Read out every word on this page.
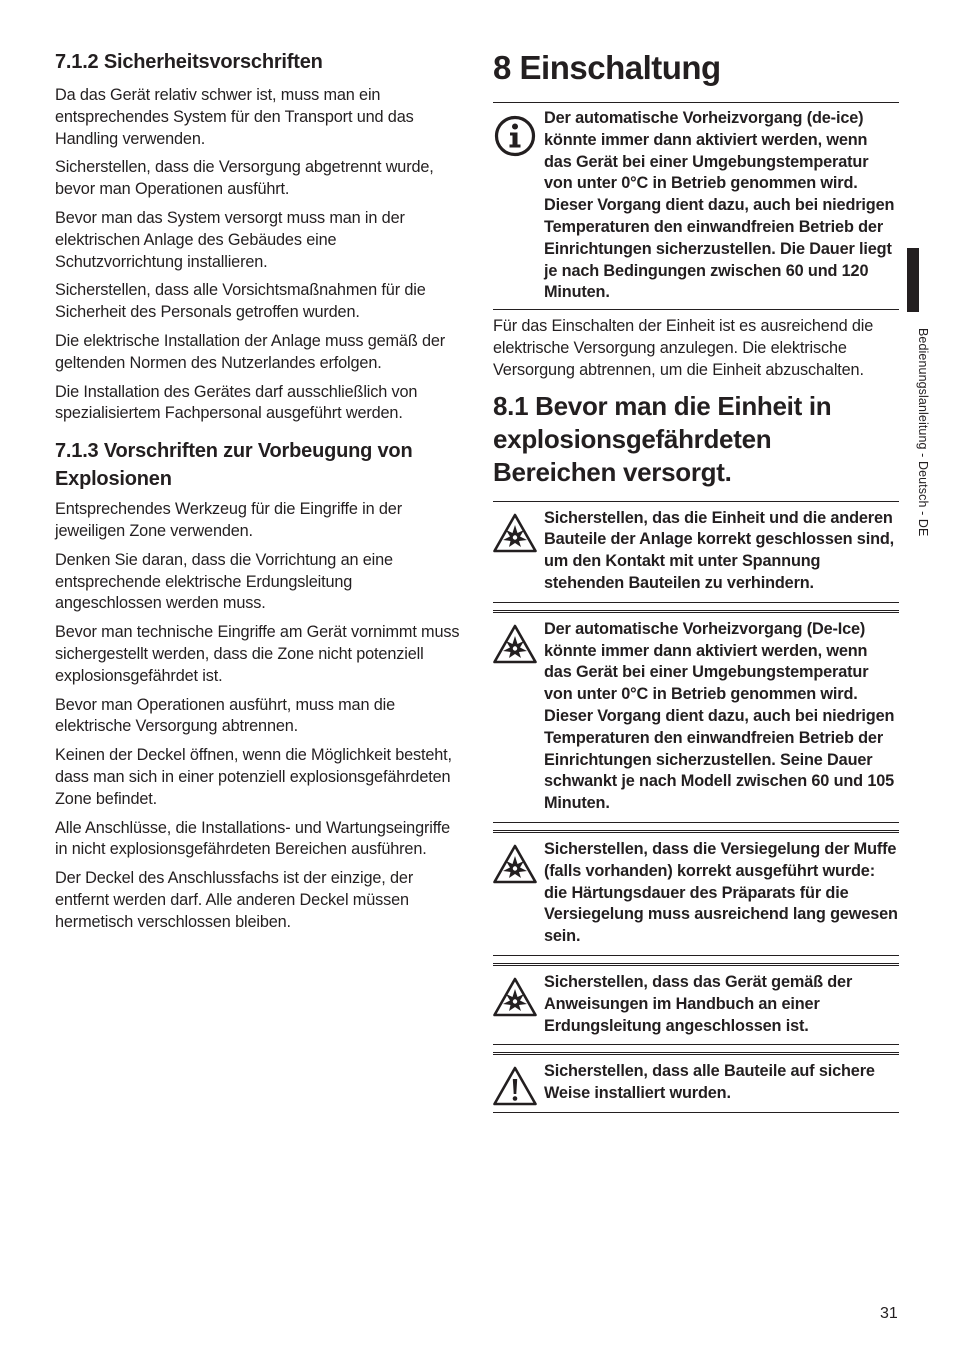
7.1.2 Sicherheitsvorschriften

Da das Gerät relativ schwer ist, muss man ein entsprechendes System für den Transport und das Handling verwenden.

Sicherstellen, dass die Versorgung abgetrennt wurde, bevor man Operationen ausführt.

Bevor man das System versorgt muss man in der elektrischen Anlage des Gebäudes eine Schutzvorrichtung installieren.

Sicherstellen, dass alle Vorsichtsmaßnahmen für die Sicherheit des Personals getroffen wurden.

Die elektrische Installation der Anlage muss gemäß der geltenden Normen des Nutzerlandes erfolgen.

Die Installation des Gerätes darf ausschließlich von spezialisiertem Fachpersonal ausgeführt werden.

7.1.3 Vorschriften zur Vorbeugung von Explosionen

Entsprechendes Werkzeug für die Eingriffe in der jeweiligen Zone verwenden.

Denken Sie daran, dass die Vorrichtung an eine entsprechende elektrische Erdungsleitung angeschlossen werden muss.

Bevor man technische Eingriffe am Gerät vornimmt muss sichergestellt werden, dass die Zone nicht potenziell explosionsgefährdet ist.

Bevor man Operationen ausführt, muss man die elektrische Versorgung abtrennen.

Keinen der Deckel öffnen, wenn die Möglichkeit besteht, dass man sich in einer potenziell explosionsgefährdeten Zone befindet.

Alle Anschlüsse, die Installations- und Wartungseingriffe in nicht explosionsgefährdeten Bereichen ausführen.

Der Deckel des Anschlussfachs ist der einzige, der entfernt werden darf. Alle anderen Deckel müssen hermetisch verschlossen bleiben.

8 Einschaltung
Der automatische Vorheizvorgang (de-ice) könnte immer dann aktiviert werden, wenn das Gerät bei einer Umgebungstemperatur von unter 0°C in Betrieb genommen wird. Dieser Vorgang dient dazu, auch bei niedrigen Temperaturen den einwandfreien Betrieb der Einrichtungen sicherzustellen. Die Dauer liegt je nach Bedingungen zwischen 60 und 120 Minuten.

Für das Einschalten der Einheit ist es ausreichend die elektrische Versorgung anzulegen. Die elektrische Versorgung abtrennen, um die Einheit abzuschalten.

8.1 Bevor man die Einheit in explosionsgefährdeten Bereichen versorgt.
Sicherstellen, das die Einheit und die anderen Bauteile der Anlage korrekt geschlossen sind, um den Kontakt mit unter Spannung stehenden Bauteilen zu verhindern.
Der automatische Vorheizvorgang (De-Ice) könnte immer dann aktiviert werden, wenn das Gerät bei einer Umgebungstemperatur von unter 0°C in Betrieb genommen wird. Dieser Vorgang dient dazu, auch bei niedrigen Temperaturen den einwandfreien Betrieb der Einrichtungen sicherzustellen. Seine Dauer schwankt je nach Modell zwischen 60 und 105 Minuten.
Sicherstellen, dass die Versiegelung der Muffe (falls vorhanden) korrekt ausgeführt wurde: die Härtungsdauer des Präparats für die Versiegelung muss ausreichend lang gewesen sein.
Sicherstellen, dass das Gerät gemäß der Anweisungen im Handbuch an einer Erdungsleitung angeschlossen ist.
Sicherstellen, dass alle Bauteile auf sichere Weise installiert wurden.
Bedienungslanleitung - Deutsch - DE
31
